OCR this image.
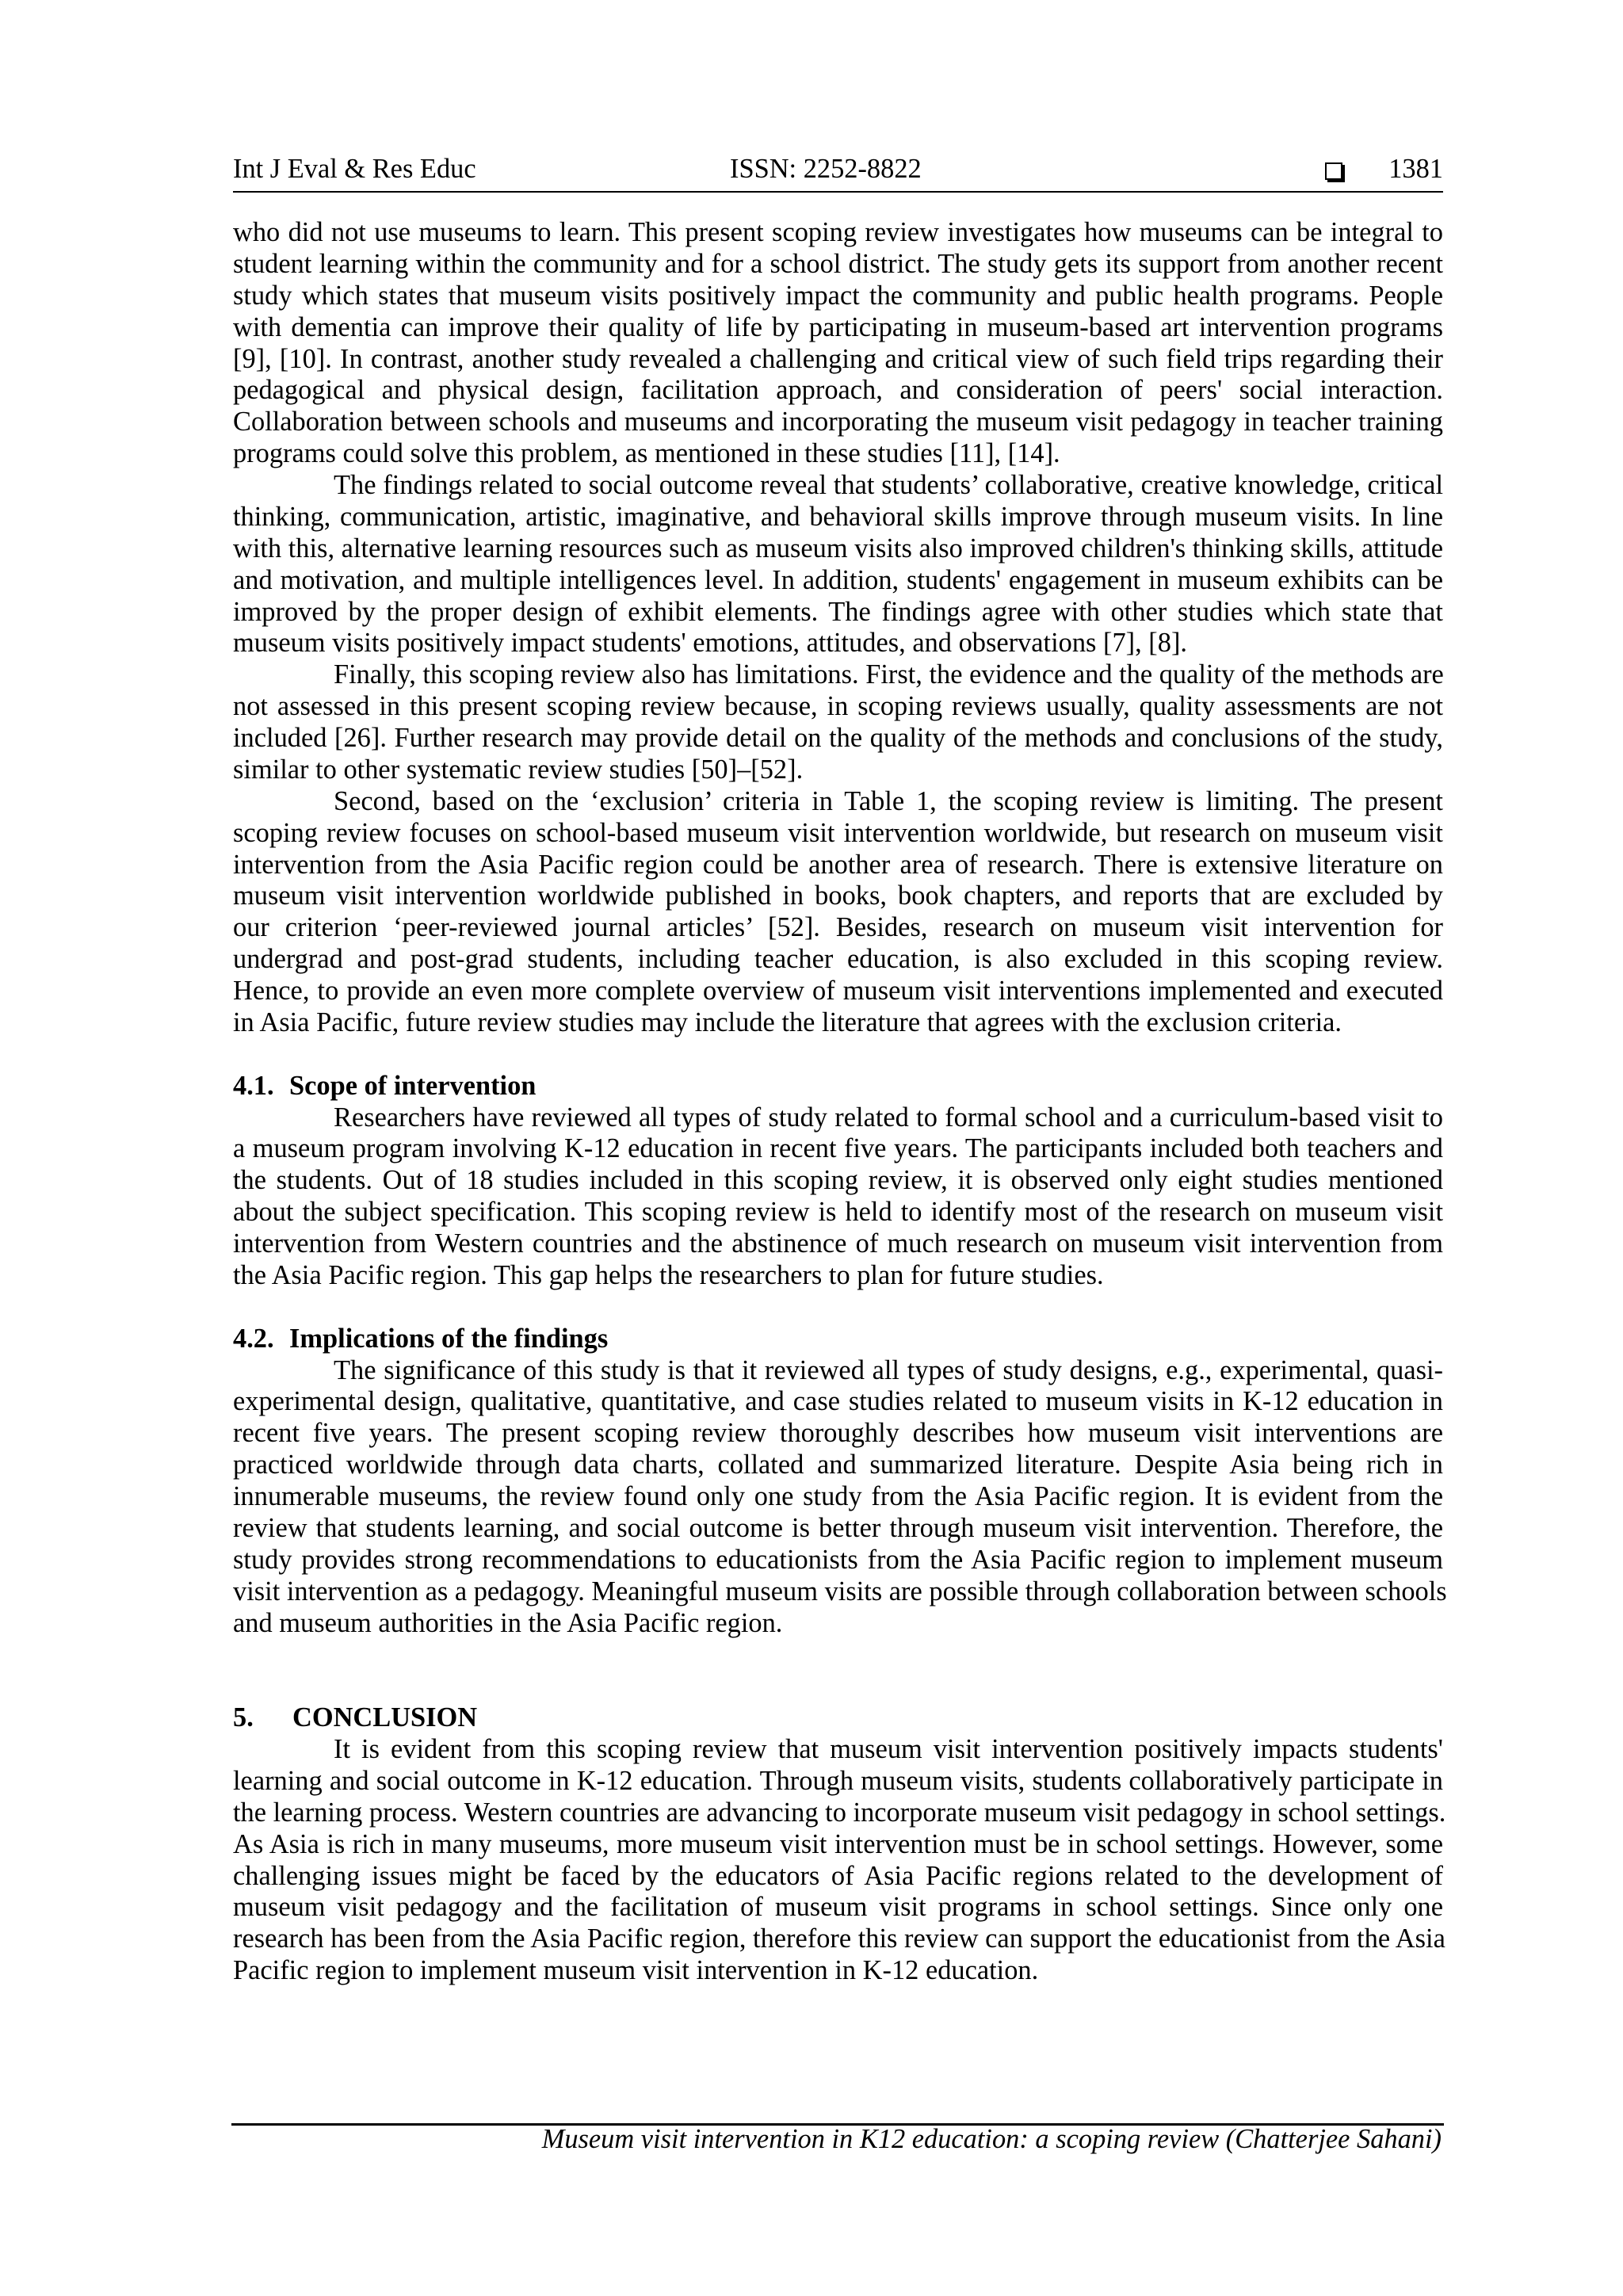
Int J Eval & Res Educ	ISSN: 2252-8822	1381
who did not use museums to learn. This present scoping review investigates how museums can be integral to
student learning within the community and for a school district. The study gets its support from another recent
study which states that museum visits positively impact the community and public health programs. People
with dementia can improve their quality of life by participating in museum-based art intervention programs
[9], [10]. In contrast, another study revealed a challenging and critical view of such field trips regarding their
pedagogical and physical design, facilitation approach, and consideration of peers' social interaction.
Collaboration between schools and museums and incorporating the museum visit pedagogy in teacher training
programs could solve this problem, as mentioned in these studies [11], [14].
The findings related to social outcome reveal that students’ collaborative, creative knowledge, critical
thinking, communication, artistic, imaginative, and behavioral skills improve through museum visits. In line
with this, alternative learning resources such as museum visits also improved children's thinking skills, attitude
and motivation, and multiple intelligences level. In addition, students' engagement in museum exhibits can be
improved by the proper design of exhibit elements. The findings agree with other studies which state that
museum visits positively impact students' emotions, attitudes, and observations [7], [8].
Finally, this scoping review also has limitations. First, the evidence and the quality of the methods are
not assessed in this present scoping review because, in scoping reviews usually, quality assessments are not
included [26]. Further research may provide detail on the quality of the methods and conclusions of the study,
similar to other systematic review studies [50]–[52].
Second, based on the ‘exclusion’ criteria in Table 1, the scoping review is limiting. The present
scoping review focuses on school-based museum visit intervention worldwide, but research on museum visit
intervention from the Asia Pacific region could be another area of research. There is extensive literature on
museum visit intervention worldwide published in books, book chapters, and reports that are excluded by
our criterion ‘peer-reviewed journal articles’ [52]. Besides, research on museum visit intervention for
undergrad and post-grad students, including teacher education, is also excluded in this scoping review.
Hence, to provide an even more complete overview of museum visit interventions implemented and executed
in Asia Pacific, future review studies may include the literature that agrees with the exclusion criteria.
4.1. Scope of intervention
Researchers have reviewed all types of study related to formal school and a curriculum-based visit to
a museum program involving K-12 education in recent five years. The participants included both teachers and
the students. Out of 18 studies included in this scoping review, it is observed only eight studies mentioned
about the subject specification. This scoping review is held to identify most of the research on museum visit
intervention from Western countries and the abstinence of much research on museum visit intervention from
the Asia Pacific region. This gap helps the researchers to plan for future studies.
4.2. Implications of the findings
The significance of this study is that it reviewed all types of study designs, e.g., experimental, quasi-
experimental design, qualitative, quantitative, and case studies related to museum visits in K-12 education in
recent five years. The present scoping review thoroughly describes how museum visit interventions are
practiced worldwide through data charts, collated and summarized literature. Despite Asia being rich in
innumerable museums, the review found only one study from the Asia Pacific region. It is evident from the
review that students learning, and social outcome is better through museum visit intervention. Therefore, the
study provides strong recommendations to educationists from the Asia Pacific region to implement museum
visit intervention as a pedagogy. Meaningful museum visits are possible through collaboration between schools
and museum authorities in the Asia Pacific region.
5. CONCLUSION
It is evident from this scoping review that museum visit intervention positively impacts students'
learning and social outcome in K-12 education. Through museum visits, students collaboratively participate in
the learning process. Western countries are advancing to incorporate museum visit pedagogy in school settings.
As Asia is rich in many museums, more museum visit intervention must be in school settings. However, some
challenging issues might be faced by the educators of Asia Pacific regions related to the development of
museum visit pedagogy and the facilitation of museum visit programs in school settings. Since only one
research has been from the Asia Pacific region, therefore this review can support the educationist from the Asia
Pacific region to implement museum visit intervention in K-12 education.
Museum visit intervention in K12 education: a scoping review (Chatterjee Sahani)
